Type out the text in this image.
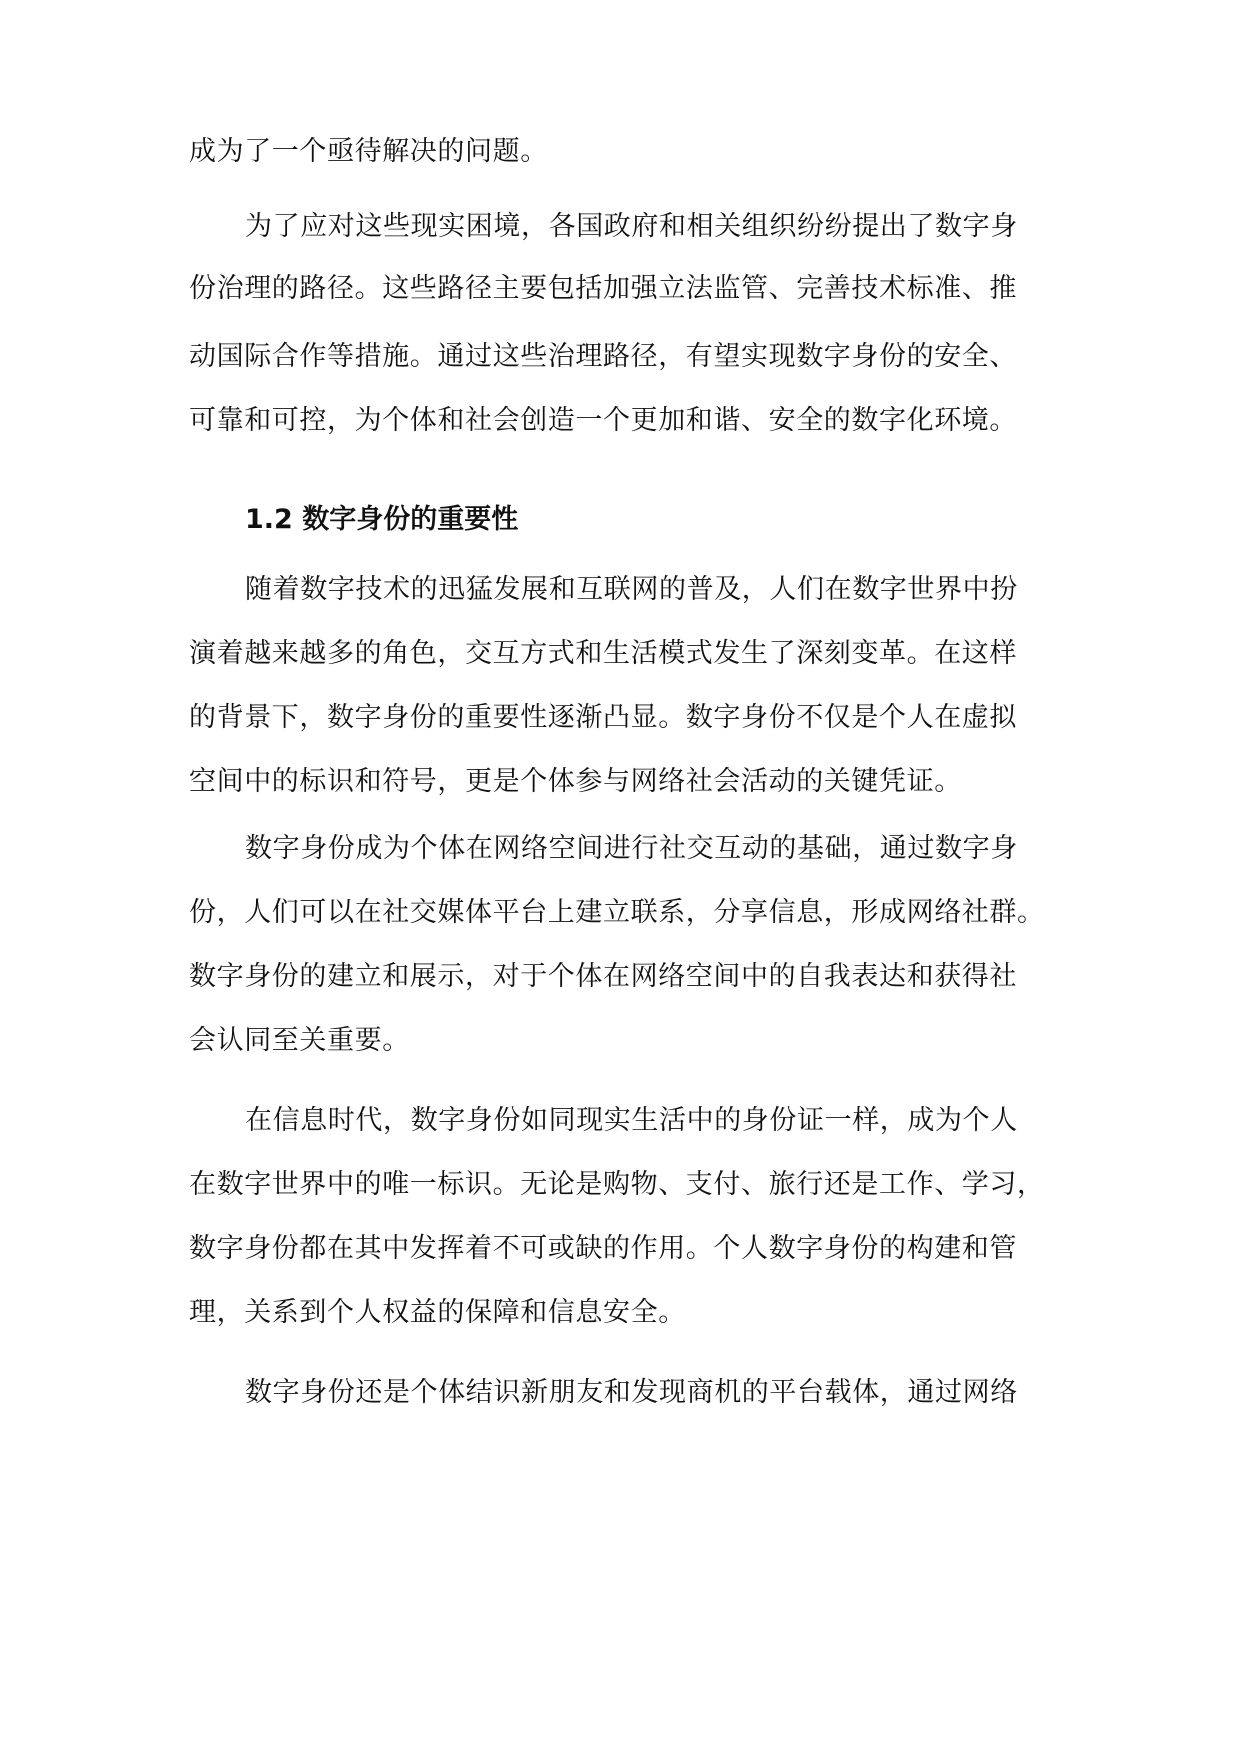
成为了一个亟待解决的问题。

为了应对这些现实困境，各国政府和相关组织纷纷提出了数字身

份治理的路径。这些路径主要包括加强立法监管、完善技术标准、推

动国际合作等措施。通过这些治理路径，有望实现数字身份的安全、

可靠和可控，为个体和社会创造一个更加和谐、安全的数字化环境。

1.2 数字身份的重要性

随着数字技术的迅猛发展和互联网的普及，人们在数字世界中扮

演着越来越多的角色，交互方式和生活模式发生了深刻变革。在这样

的背景下，数字身份的重要性逐渐凸显。数字身份不仅是个人在虚拟

空间中的标识和符号，更是个体参与网络社会活动的关键凭证。

数字身份成为个体在网络空间进行社交互动的基础，通过数字身

份，人们可以在社交媒体平台上建立联系，分享信息，形成网络社群。

数字身份的建立和展示，对于个体在网络空间中的自我表达和获得社

会认同至关重要。

在信息时代，数字身份如同现实生活中的身份证一样，成为个人

在数字世界中的唯一标识。无论是购物、支付、旅行还是工作、学习，

数字身份都在其中发挥着不可或缺的作用。个人数字身份的构建和管

理，关系到个人权益的保障和信息安全。

数字身份还是个体结识新朋友和发现商机的平台载体，通过网络
